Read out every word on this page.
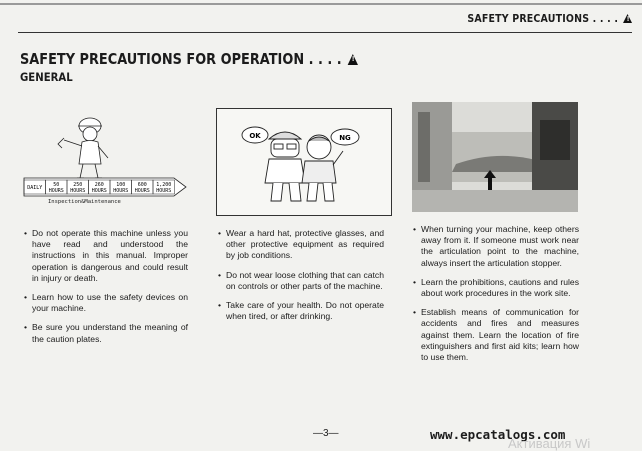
SAFETY PRECAUTIONS . . . . !
SAFETY PRECAUTIONS FOR OPERATION . . . . !
GENERAL
DAILY 50
HOURS
250
HOURS
260
HOURS
100
HOURS
600
HOURS
1,200
HOURS
Inspection&Maintenance
OK	NG

• Do not operate this machine unless you have read and understood the instructions in this manual. Improper operation is dangerous and could result in injury or death.

• Learn how to use the safety devices on your machine.

• Be sure you understand the meaning of the caution plates.

• Wear a hard hat, protective glasses, and other protective equipment as required by job conditions.

• Do not wear loose clothing that can catch on controls or other parts of the machine.

• Take care of your health. Do not operate when tired, or after drinking.

• When turning your machine, keep others away from it. If someone must work near the articulation point to the machine, always insert the articulation stopper.

• Learn the prohibitions, cautions and rules about work procedures in the work site.

• Establish means of communication for accidents and fires and measures against them. Learn the location of fire extinguishers and first aid kits; learn how to use them.

—3—	www.epcatalogs.com
Активация Wi
